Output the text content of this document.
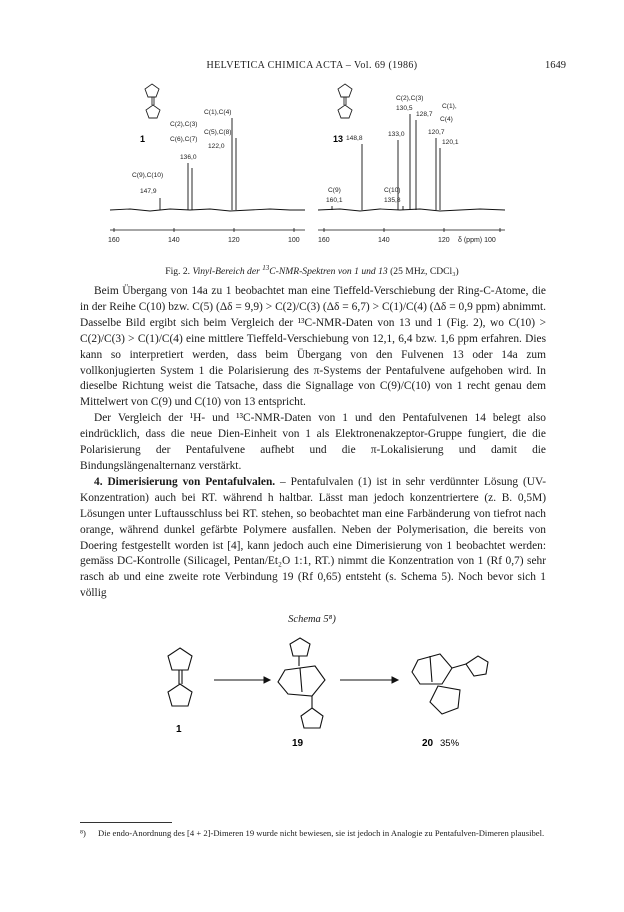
HELVETICA CHIMICA ACTA – Vol. 69 (1986)	1649
1	13
C(1),C(4)
C(2),C(3)
C(5),C(8)
C(6),C(7)
136,0
122,0
C(9),C(10)
147,9
C(2),C(3)
130,5
128,7
C(1),
C(4)
120,7
120,1
148,8
133,0
C(9)
160,1
C(10)
135,8
160	140	120	100	160	140	120 δ (ppm) 100
Fig. 2. Vinyl-Bereich der $^{13}$C-NMR-Spektren von 1 und 13 (25 MHz, CDCl₃)

Beim Übergang von 14a zu 1 beobachtet man eine Tieffeld-Verschiebung der Ring-C-Atome, die in der Reihe C(10) bzw. C(5) (Δδ = 9,9) > C(2)/C(3) (Δδ = 6,7) > C(1)/C(4) (Δδ = 0,9 ppm) abnimmt. Dasselbe Bild ergibt sich beim Vergleich der ¹³C-NMR-Daten von 13 und 1 (Fig. 2), wo C(10) > C(2)/C(3) > C(1)/C(4) eine mittlere Tieffeld-Verschiebung von 12,1, 6,4 bzw. 1,6 ppm erfahren. Dies kann so interpretiert werden, dass beim Übergang von den Fulvenen 13 oder 14a zum vollkonjugierten System 1 die Polarisierung des π-Systems der Pentafulvene aufgehoben wird. In dieselbe Richtung weist die Tatsache, dass die Signallage von C(9)/C(10) von 1 recht genau dem Mittelwert von C(9) und C(10) von 13 entspricht.

Der Vergleich der ¹H- und ¹³C-NMR-Daten von 1 und den Pentafulvenen 14 belegt also eindrücklich, dass die neue Dien-Einheit von 1 als Elektronenakzeptor-Gruppe fungiert, die die Polarisierung der Pentafulvene aufhebt und die π-Lokalisierung und damit die Bindungslängenalternanz verstärkt.

4. Dimerisierung von Pentafulvalen. – Pentafulvalen (1) ist in sehr verdünnter Lösung (UV-Konzentration) auch bei RT. während h haltbar. Lässt man jedoch konzentriertere (z. B. 0,5M) Lösungen unter Luftausschluss bei RT. stehen, so beobachtet man eine Farbänderung von tiefrot nach orange, während dunkel gefärbte Polymere ausfallen. Neben der Polymerisation, die bereits von Doering festgestellt worden ist [4], kann jedoch auch eine Dimerisierung von 1 beobachtet werden: gemäss DC-Kontrolle (Silicagel, Pentan/Et₂O 1:1, RT.) nimmt die Konzentration von 1 (Rf 0,7) sehr rasch ab und eine zweite rote Verbindung 19 (Rf 0,65) entsteht (s. Schema 5). Noch bevor sich 1 völlig

Schema 5⁸)
1
19	20 35%
⁸) Die endo-Anordnung des [4 + 2]-Dimeren 19 wurde nicht bewiesen, sie ist jedoch in Analogie zu Pentafulven-Dimeren plausibel.
